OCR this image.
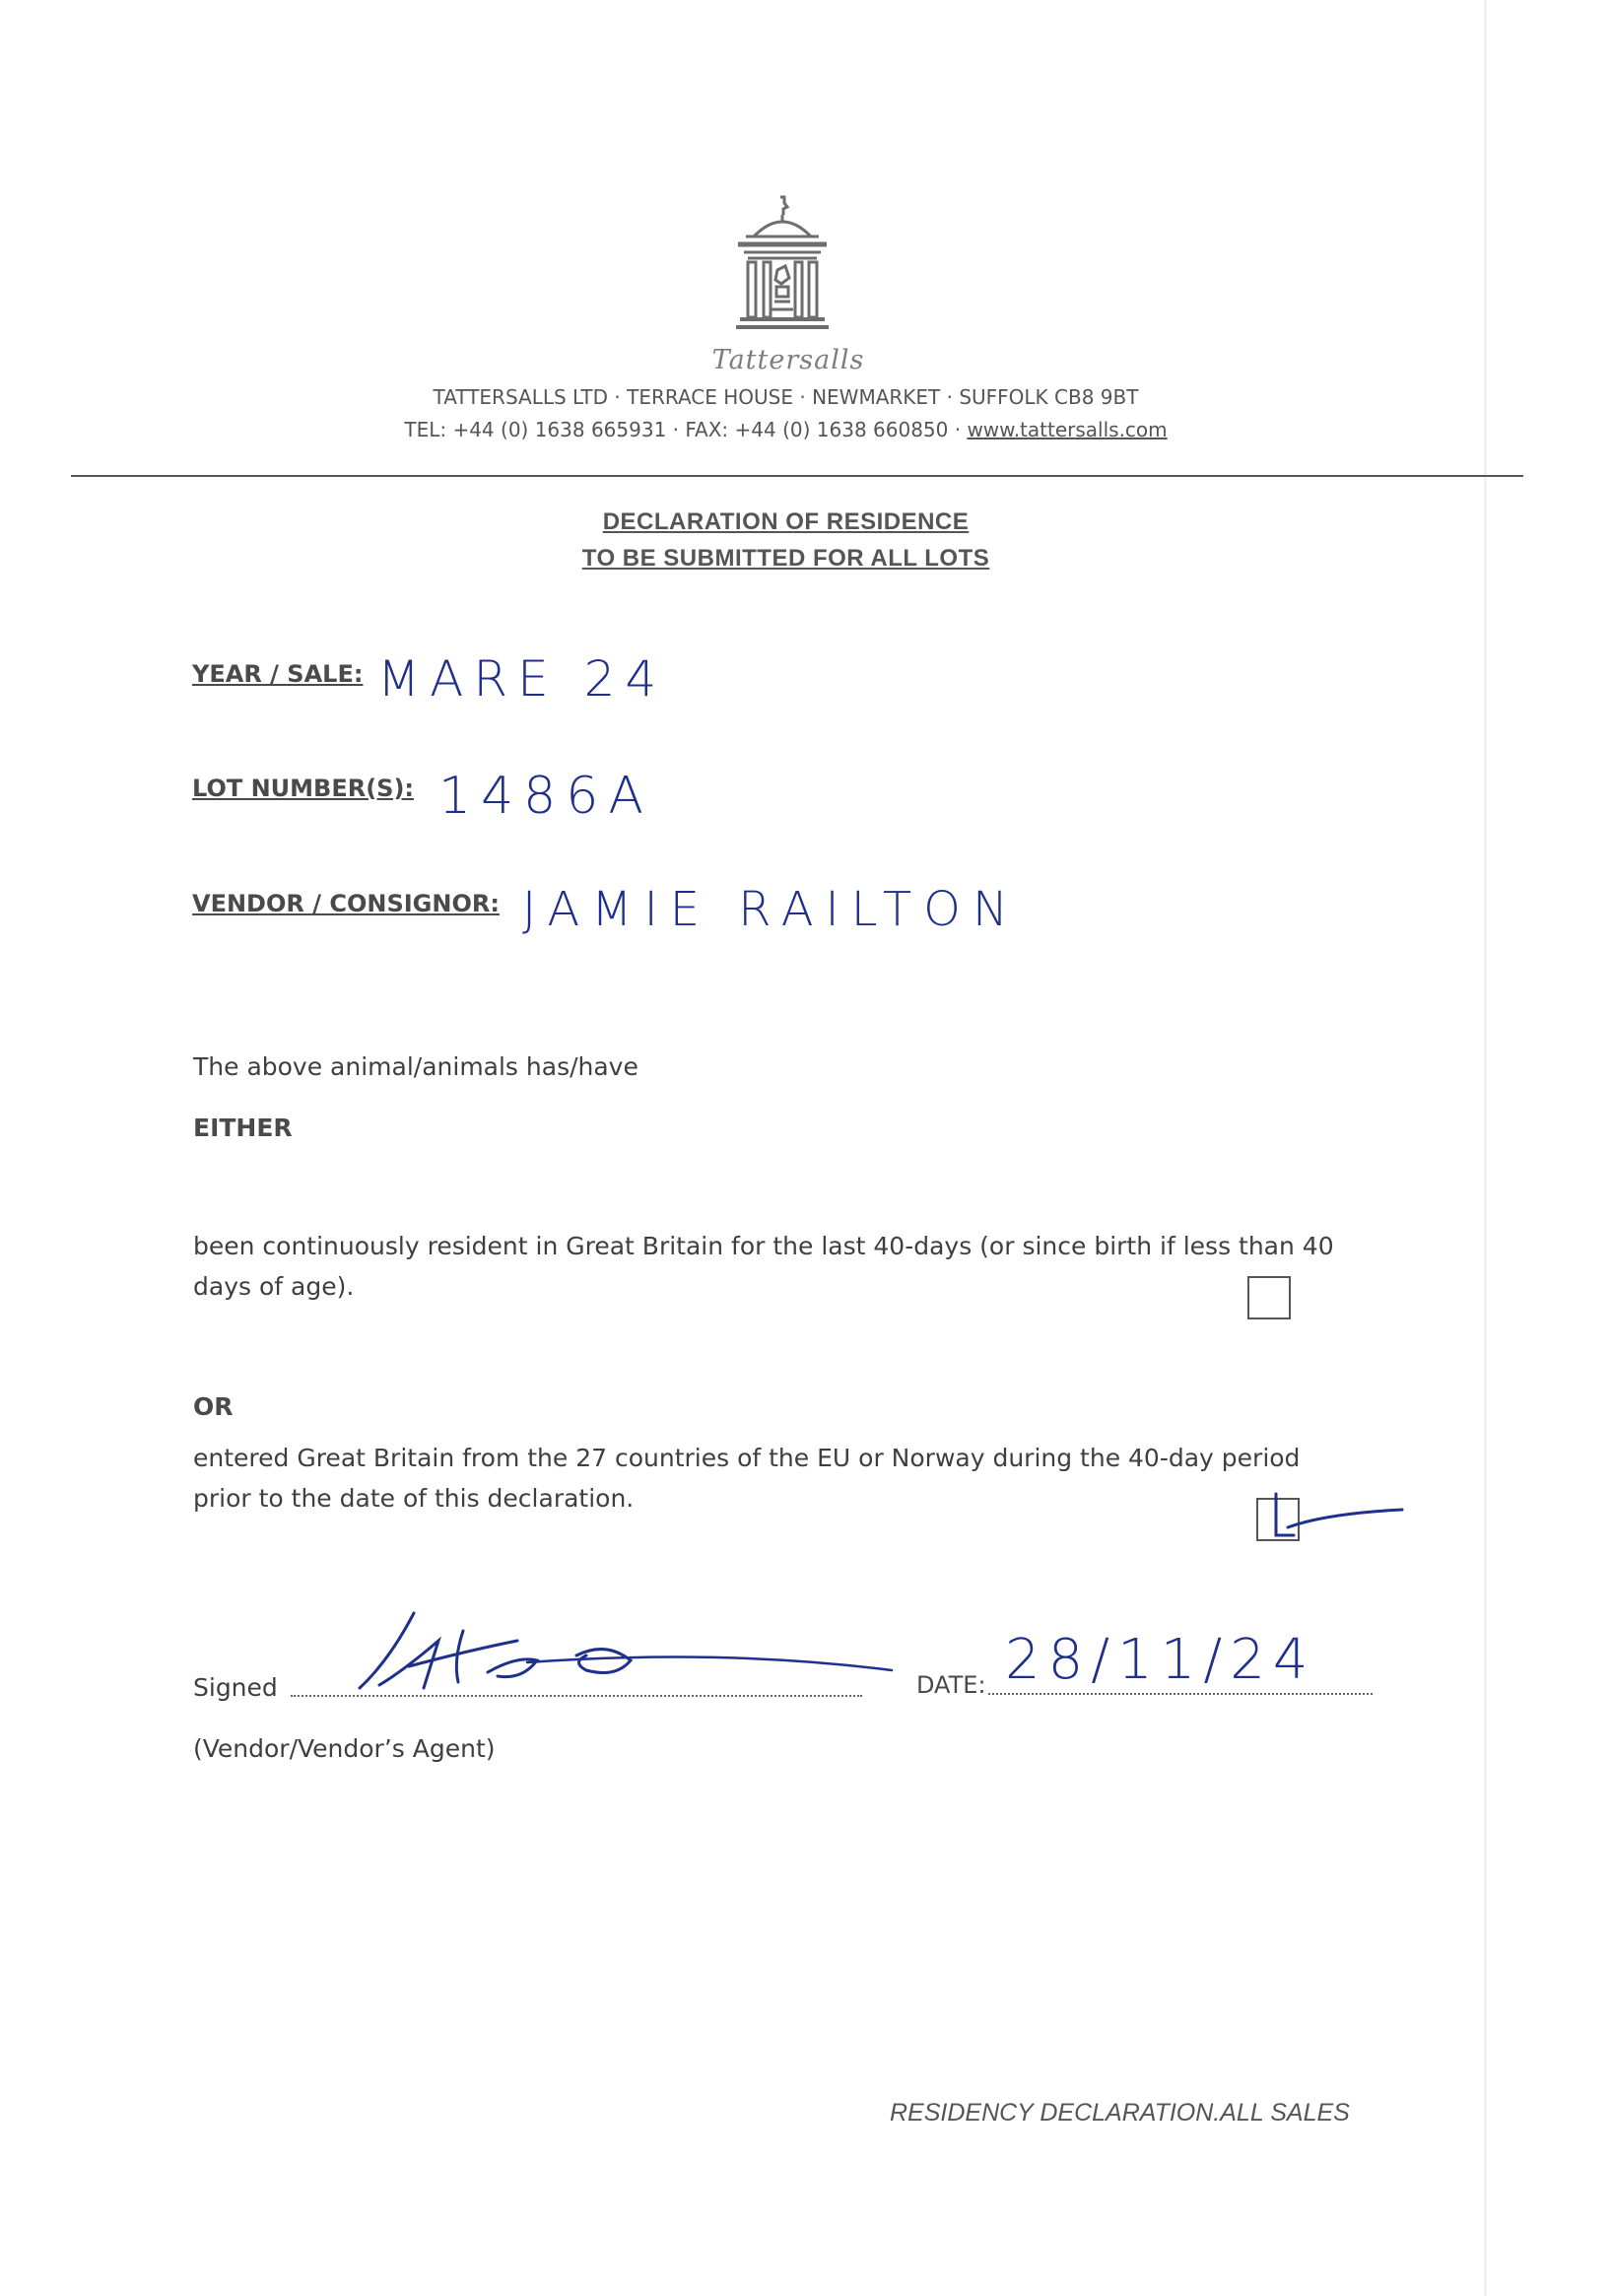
Tattersalls
TATTERSALLS LTD · TERRACE HOUSE · NEWMARKET · SUFFOLK CB8 9BT
TEL: +44 (0) 1638 665931 · FAX: +44 (0) 1638 660850 · www.tattersalls.com
DECLARATION OF RESIDENCE
TO BE SUBMITTED FOR ALL LOTS
YEAR / SALE: MARE 24
LOT NUMBER(S): 1486A
VENDOR / CONSIGNOR: JAMIE RAILTON
The above animal/animals has/have
EITHER
been continuously resident in Great Britain for the last 40-days (or since birth if less than 40
days of age).
OR
entered Great Britain from the 27 countries of the EU or Norway during the 40-day period
prior to the date of this declaration.
Signed	DATE: 28/11/24
(Vendor/Vendor’s Agent)
RESIDENCY DECLARATION.ALL SALES
